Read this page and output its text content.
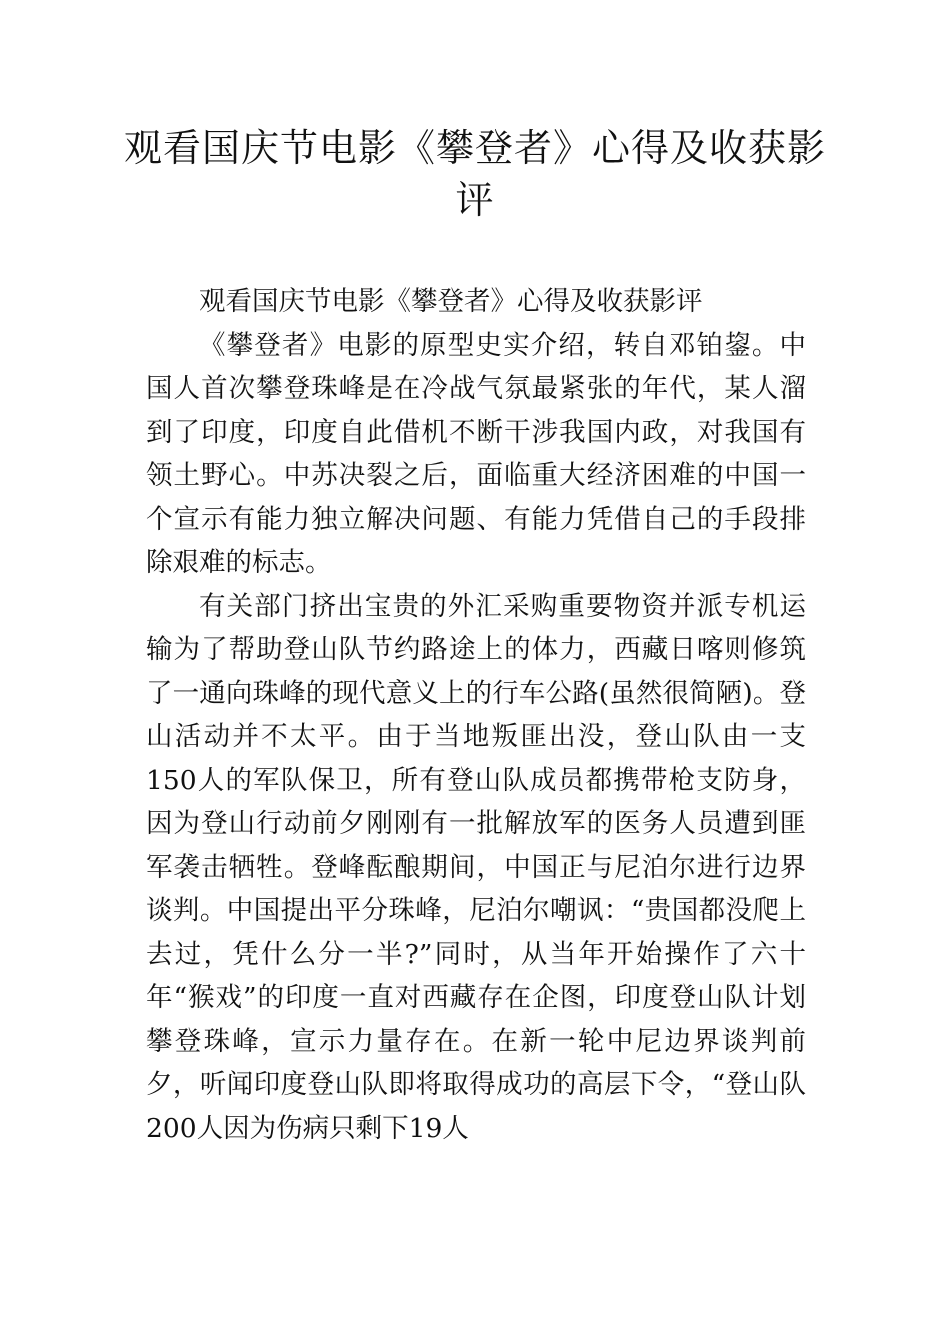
观看国庆节电影《攀登者》心得及收获影评

观看国庆节电影《攀登者》心得及收获影评

《攀登者》电影的原型史实介绍，转自邓铂鋆。中国人首次攀登珠峰是在冷战气氛最紧张的年代，某人溜到了印度，印度自此借机不断干涉我国内政，对我国有领土野心。中苏决裂之后，面临重大经济困难的中国一个宣示有能力独立解决问题、有能力凭借自己的手段排除艰难的标志。

有关部门挤出宝贵的外汇采购重要物资并派专机运输为了帮助登山队节约路途上的体力，西藏日喀则修筑了一通向珠峰的现代意义上的行车公路(虽然很简陋)。登山活动并不太平。由于当地叛匪出没，登山队由一支150人的军队保卫，所有登山队成员都携带枪支防身，因为登山行动前夕刚刚有一批解放军的医务人员遭到匪军袭击牺牲。登峰酝酿期间，中国正与尼泊尔进行边界谈判。中国提出平分珠峰，尼泊尔嘲讽：“贵国都没爬上去过，凭什么分一半?”同时，从当年开始操作了六十年“猴戏”的印度一直对西藏存在企图，印度登山队计划攀登珠峰，宣示力量存在。在新一轮中尼边界谈判前夕，听闻印度登山队即将取得成功的高层下令，“登山队200人因为伤病只剩下19人
